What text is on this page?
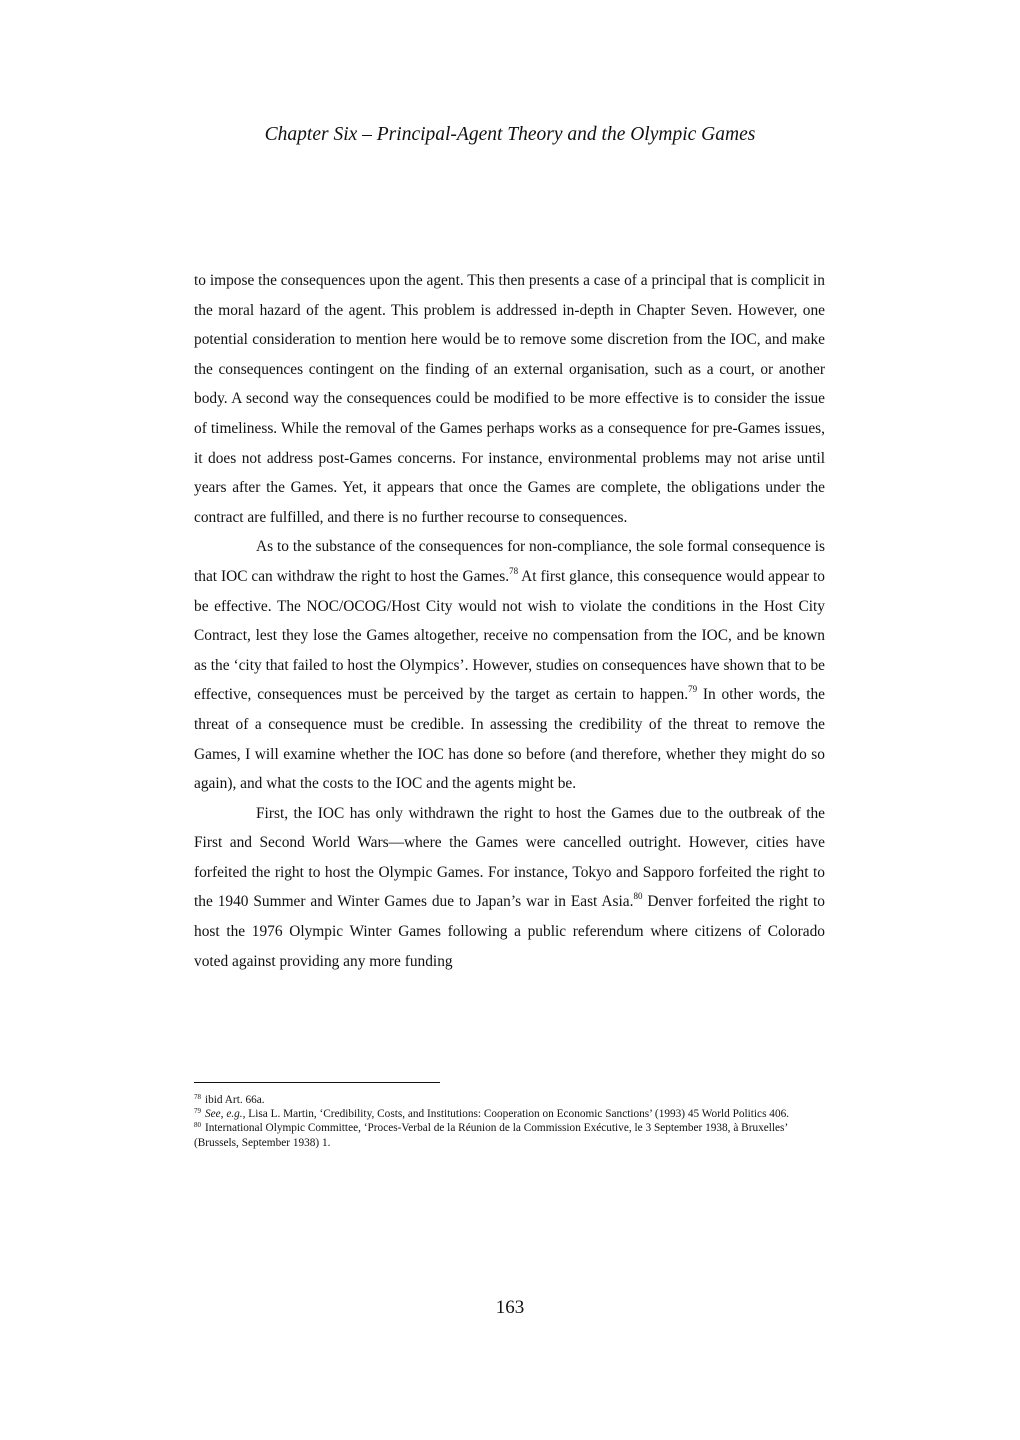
Chapter Six – Principal-Agent Theory and the Olympic Games

to impose the consequences upon the agent. This then presents a case of a principal that is complicit in the moral hazard of the agent. This problem is addressed in-depth in Chapter Seven. However, one potential consideration to mention here would be to remove some discretion from the IOC, and make the consequences contingent on the finding of an external organisation, such as a court, or another body. A second way the consequences could be modified to be more effective is to consider the issue of timeliness. While the removal of the Games perhaps works as a consequence for pre-Games issues, it does not address post-Games concerns. For instance, environmental problems may not arise until years after the Games. Yet, it appears that once the Games are complete, the obligations under the contract are fulfilled, and there is no further recourse to consequences.

As to the substance of the consequences for non-compliance, the sole formal consequence is that IOC can withdraw the right to host the Games.$^{78}$ At first glance, this consequence would appear to be effective. The NOC/OCOG/Host City would not wish to violate the conditions in the Host City Contract, lest they lose the Games altogether, receive no compensation from the IOC, and be known as the ‘city that failed to host the Olympics’. However, studies on consequences have shown that to be effective, consequences must be perceived by the target as certain to happen.$^{79}$ In other words, the threat of a consequence must be credible. In assessing the credibility of the threat to remove the Games, I will examine whether the IOC has done so before (and therefore, whether they might do so again), and what the costs to the IOC and the agents might be.

First, the IOC has only withdrawn the right to host the Games due to the outbreak of the First and Second World Wars—where the Games were cancelled outright. However, cities have forfeited the right to host the Olympic Games. For instance, Tokyo and Sapporo forfeited the right to the 1940 Summer and Winter Games due to Japan’s war in East Asia.$^{80}$ Denver forfeited the right to host the 1976 Olympic Winter Games following a public referendum where citizens of Colorado voted against providing any more funding

$^{78}$ ibid Art. 66a.

$^{79}$ See, e.g., Lisa L. Martin, ‘Credibility, Costs, and Institutions: Cooperation on Economic Sanctions’ (1993) 45 World Politics 406.

$^{80}$ International Olympic Committee, ‘Proces-Verbal de la Réunion de la Commission Exécutive, le 3 September 1938, à Bruxelles’ (Brussels, September 1938) 1.

163
